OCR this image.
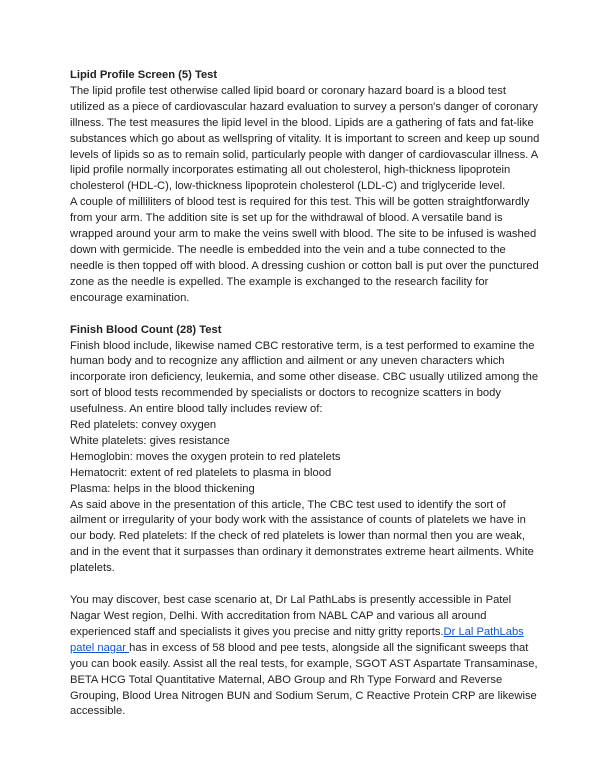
Lipid Profile Screen (5) Test

The lipid profile test otherwise called lipid board or coronary hazard board is a blood test utilized as a piece of cardiovascular hazard evaluation to survey a person's danger of coronary illness. The test measures the lipid level in the blood. Lipids are a gathering of fats and fat-like substances which go about as wellspring of vitality. It is important to screen and keep up sound levels of lipids so as to remain solid, particularly people with danger of cardiovascular illness. A lipid profile normally incorporates estimating all out cholesterol, high-thickness lipoprotein cholesterol (HDL-C), low-thickness lipoprotein cholesterol (LDL-C) and triglyceride level.

A couple of milliliters of blood test is required for this test. This will be gotten straightforwardly from your arm. The addition site is set up for the withdrawal of blood. A versatile band is wrapped around your arm to make the veins swell with blood. The site to be infused is washed down with germicide. The needle is embedded into the vein and a tube connected to the needle is then topped off with blood. A dressing cushion or cotton ball is put over the punctured zone as the needle is expelled. The example is exchanged to the research facility for encourage examination.

Finish Blood Count (28) Test

Finish blood include, likewise named CBC restorative term, is a test performed to examine the human body and to recognize any affliction and ailment or any uneven characters which incorporate iron deficiency, leukemia, and some other disease. CBC usually utilized among the sort of blood tests recommended by specialists or doctors to recognize scatters in body usefulness. An entire blood tally includes review of:

Red platelets: convey oxygen

White platelets: gives resistance

Hemoglobin: moves the oxygen protein to red platelets

Hematocrit: extent of red platelets to plasma in blood

Plasma: helps in the blood thickening

As said above in the presentation of this article, The CBC test used to identify the sort of ailment or irregularity of your body work with the assistance of counts of platelets we have in our body. Red platelets: If the check of red platelets is lower than normal then you are weak, and in the event that it surpasses than ordinary it demonstrates extreme heart ailments. White platelets.

You may discover, best case scenario at, Dr Lal PathLabs is presently accessible in Patel Nagar West region, Delhi. With accreditation from NABL CAP and various all around experienced staff and specialists it gives you precise and nitty gritty reports.Dr Lal PathLabs patel nagar has in excess of 58 blood and pee tests, alongside all the significant sweeps that you can book easily. Assist all the real tests, for example, SGOT AST Aspartate Transaminase, BETA HCG Total Quantitative Maternal, ABO Group and Rh Type Forward and Reverse Grouping, Blood Urea Nitrogen BUN and Sodium Serum, C Reactive Protein CRP are likewise accessible.
